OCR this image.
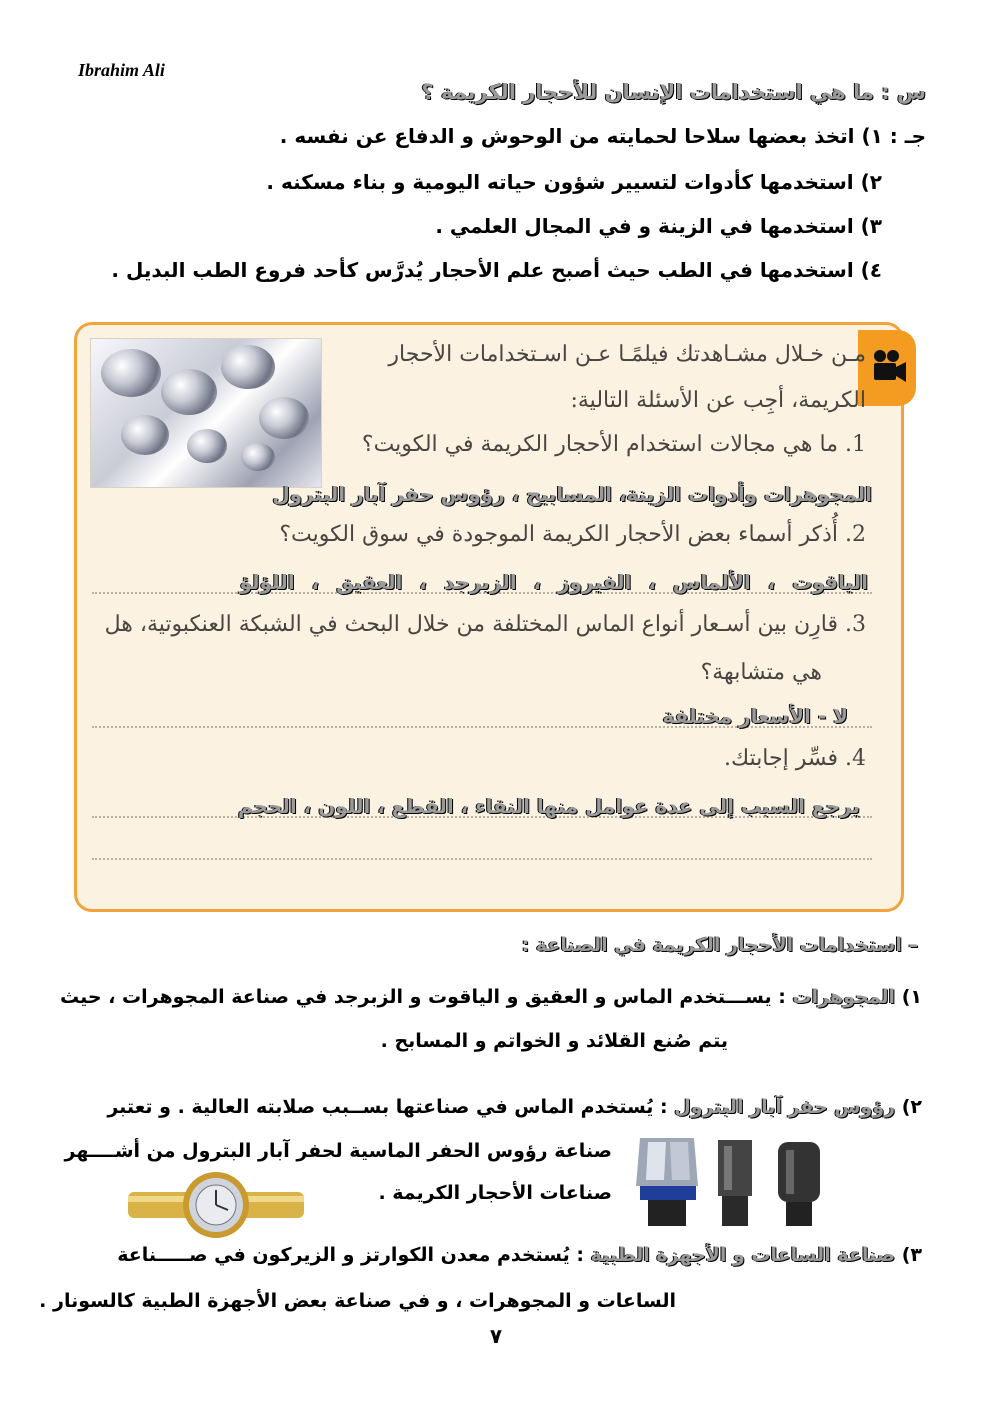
Ibrahim Ali
س : ما هي استخدامات الإنسان للأحجار الكريمة ؟
جـ : ١) اتخذ بعضها سلاحا لحمايته من الوحوش و الدفاع عن نفسه .
٢) استخدمها كأدوات لتسيير شؤون حياته اليومية و بناء مسكنه .
٣) استخدمها في الزينة و في المجال العلمي .
٤) استخدمها في الطب حيث أصبح علم الأحجار يُدرَّس كأحد فروع الطب البديل .
مـن خـلال مشـاهدتك فيلمًـا عـن اسـتخدامات الأحجار
الكريمة، أجِب عن الأسئلة التالية:
1. ما هي مجالات استخدام الأحجار الكريمة في الكويت؟
المجوهرات وأدوات الزينة، المسابيح ، رؤوس حفر آبار البترول
2. أُذكر أسماء بعض الأحجار الكريمة الموجودة في سوق الكويت؟
الياقوت ، الألماس ، الفيروز ، الزبرجد ، العقيق ، اللؤلؤ
3. قارِن بين أسـعار أنواع الماس المختلفة من خلال البحث في الشبكة العنكبوتية، هل
هي متشابهة؟
لا - الأسعار مختلفة
4. فسِّر إجابتك.
يرجع السبب إلى عدة عوامل منها النقاء ، القطع ، اللون ، الحجم
– استخدامات الأحجار الكريمة في الصناعة :
١) المجوهرات : يســـتخدم الماس و العقيق و الياقوت و الزبرجد في صناعة المجوهرات ، حيث
يتم صُنع القلائد و الخواتم و المسابح .
٢) رؤوس حفر آبار البترول : يُستخدم الماس في صناعتها بســبب صلابته العالية . و تعتبر
صناعة رؤوس الحفر الماسية لحفر آبار البترول من أشــــهر
صناعات الأحجار الكريمة .
٣) صناعة الساعات و الأجهزة الطبية : يُستخدم معدن الكوارتز و الزيركون في صـــــناعة
الساعات و المجوهرات ، و في صناعة بعض الأجهزة الطبية كالسونار .
٧
